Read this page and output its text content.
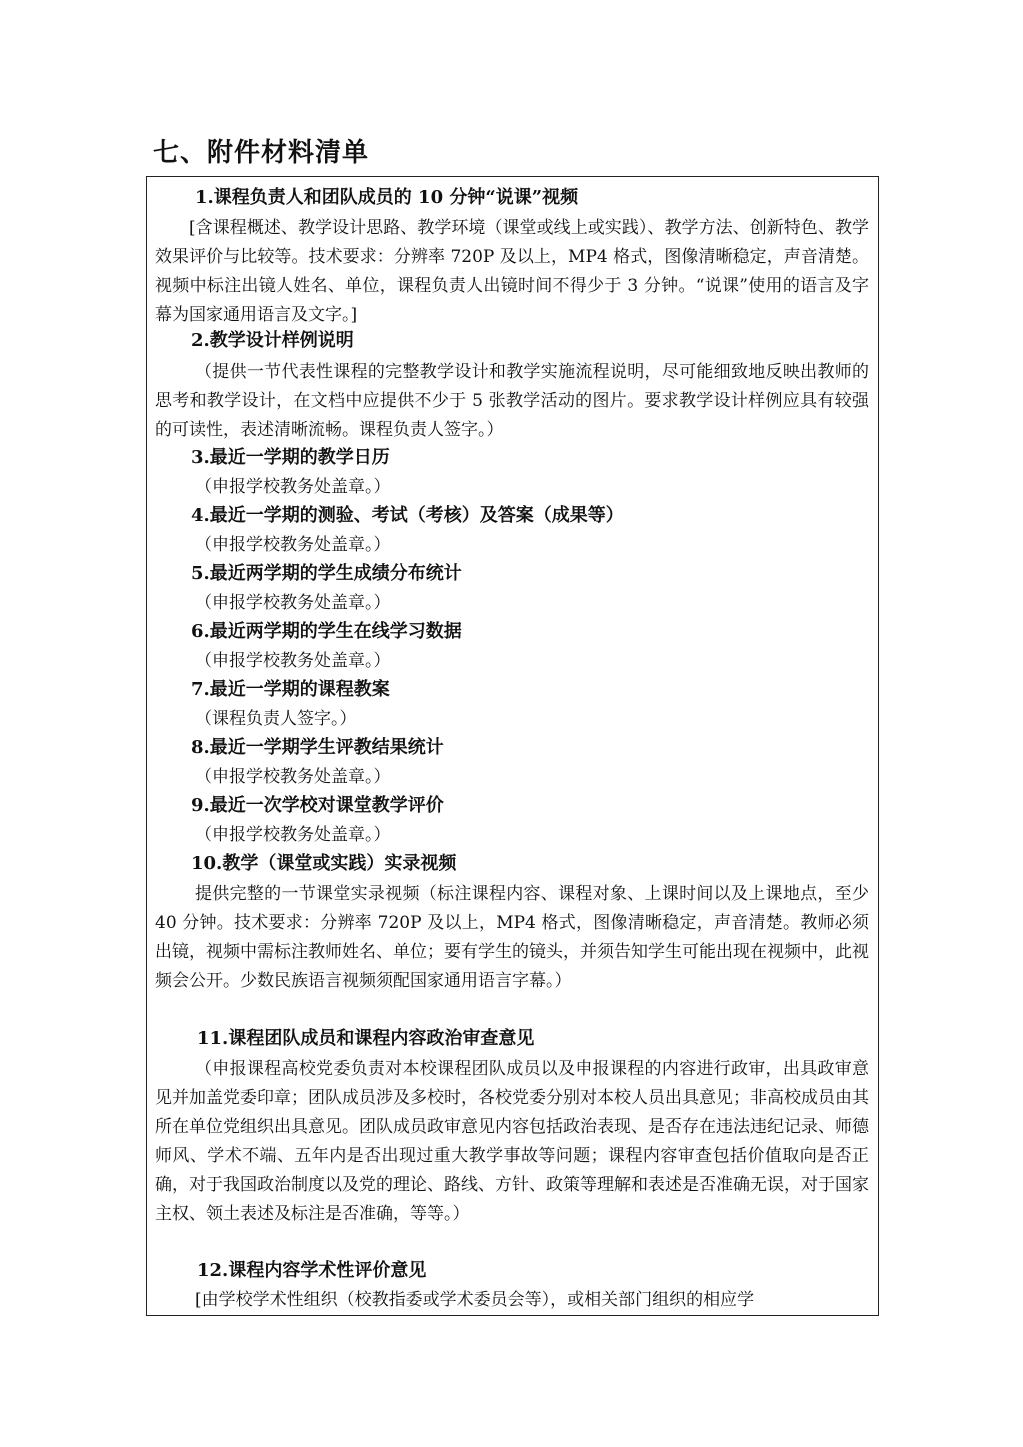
七、附件材料清单

1.课程负责人和团队成员的 10 分钟“说课”视频

[含课程概述、教学设计思路、教学环境（课堂或线上或实践）、教学方法、创新特色、教学效果评价与比较等。技术要求：分辨率 720P 及以上，MP4 格式，图像清晰稳定，声音清楚。视频中标注出镜人姓名、单位，课程负责人出镜时间不得少于 3 分钟。“说课”使用的语言及字幕为国家通用语言及文字。]

2.教学设计样例说明

（提供一节代表性课程的完整教学设计和教学实施流程说明，尽可能细致地反映出教师的思考和教学设计，在文档中应提供不少于 5 张教学活动的图片。要求教学设计样例应具有较强的可读性，表述清晰流畅。课程负责人签字。）

3.最近一学期的教学日历

（申报学校教务处盖章。）

4.最近一学期的测验、考试（考核）及答案（成果等）

（申报学校教务处盖章。）

5.最近两学期的学生成绩分布统计

（申报学校教务处盖章。）

6.最近两学期的学生在线学习数据

（申报学校教务处盖章。）

7.最近一学期的课程教案

（课程负责人签字。）

8.最近一学期学生评教结果统计

（申报学校教务处盖章。）

9.最近一次学校对课堂教学评价

（申报学校教务处盖章。）

10.教学（课堂或实践）实录视频

提供完整的一节课堂实录视频（标注课程内容、课程对象、上课时间以及上课地点，至少 40 分钟。技术要求：分辨率 720P 及以上，MP4 格式，图像清晰稳定，声音清楚。教师必须出镜，视频中需标注教师姓名、单位；要有学生的镜头，并须告知学生可能出现在视频中，此视频会公开。少数民族语言视频须配国家通用语言字幕。）

11.课程团队成员和课程内容政治审查意见

（申报课程高校党委负责对本校课程团队成员以及申报课程的内容进行政审，出具政审意见并加盖党委印章；团队成员涉及多校时，各校党委分别对本校人员出具意见；非高校成员由其所在单位党组织出具意见。团队成员政审意见内容包括政治表现、是否存在违法违纪记录、师德师风、学术不端、五年内是否出现过重大教学事故等问题；课程内容审查包括价值取向是否正确，对于我国政治制度以及党的理论、路线、方针、政策等理解和表述是否准确无误，对于国家主权、领土表述及标注是否准确，等等。）

12.课程内容学术性评价意见

[由学校学术性组织（校教指委或学术委员会等），或相关部门组织的相应学
